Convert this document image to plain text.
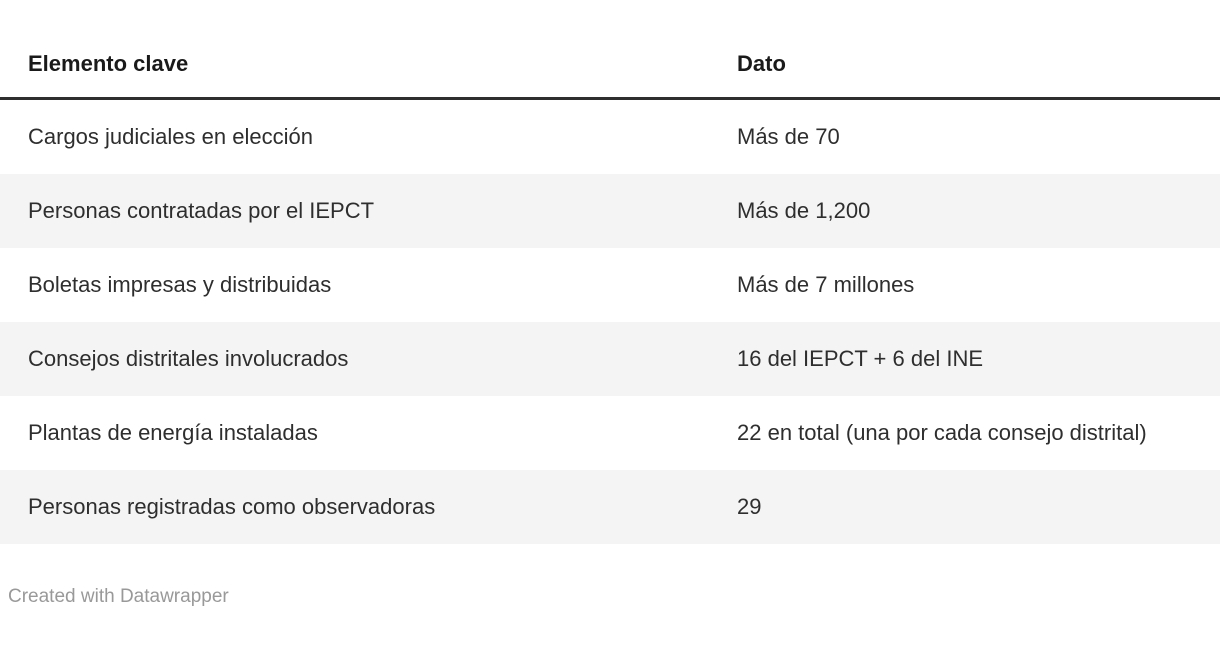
Elemento clave	Dato
Cargos judiciales en elección	Más de 70
Personas contratadas por el IEPCT	Más de 1,200
Boletas impresas y distribuidas	Más de 7 millones
Consejos distritales involucrados	16 del IEPCT + 6 del INE
Plantas de energía instaladas	22 en total (una por cada consejo distrital)
Personas registradas como observadoras	29
Created with Datawrapper
